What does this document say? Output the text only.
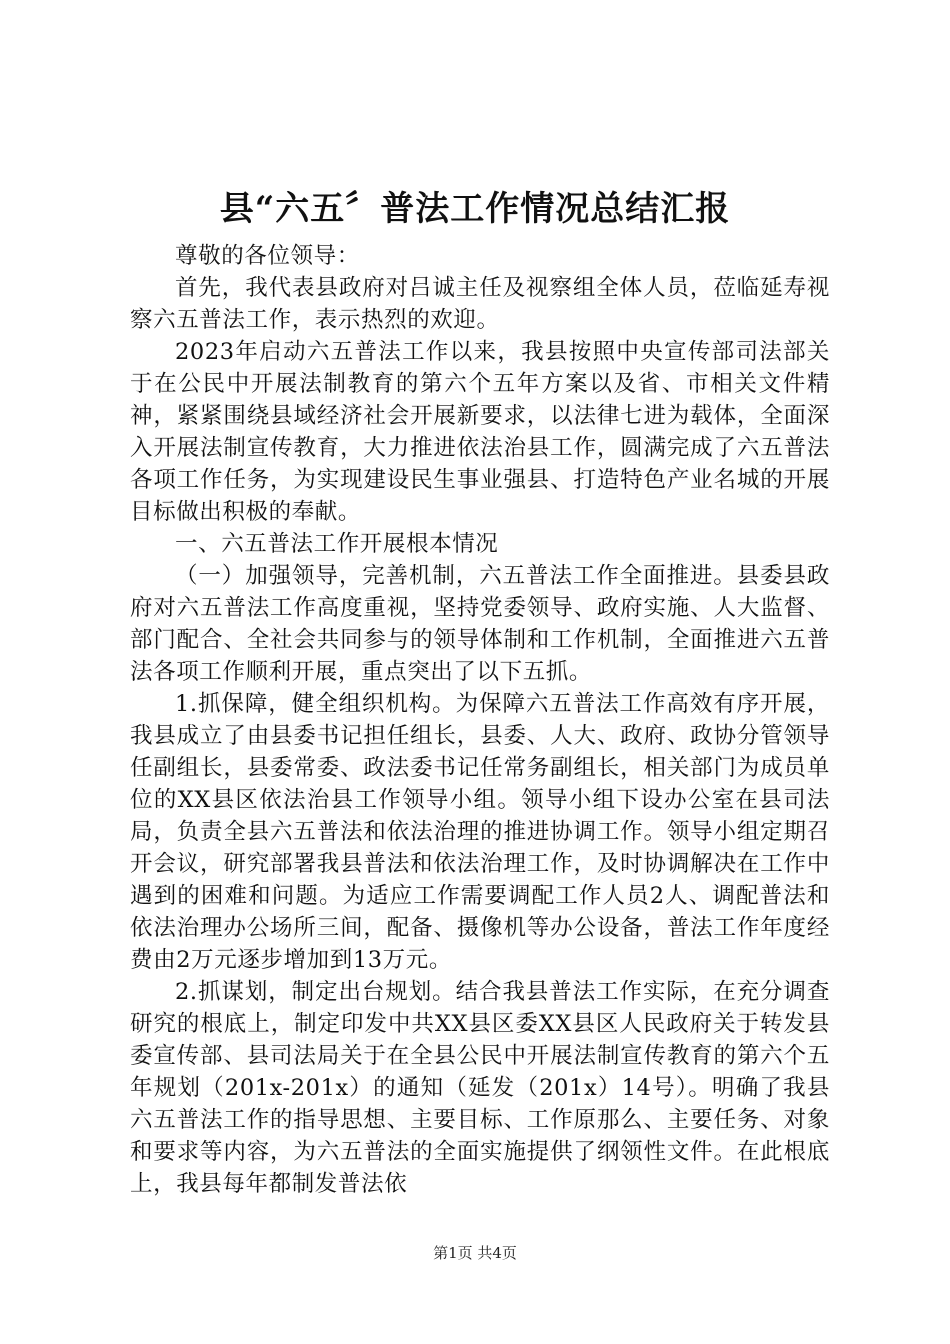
县“六五〞普法工作情况总结汇报

尊敬的各位领导：

首先，我代表县政府对吕诚主任及视察组全体人员，莅临延寿视察六五普法工作，表示热烈的欢迎。

2023年启动六五普法工作以来，我县按照中央宣传部司法部关于在公民中开展法制教育的第六个五年方案以及省、市相关文件精神，紧紧围绕县域经济社会开展新要求，以法律七进为载体，全面深入开展法制宣传教育，大力推进依法治县工作，圆满完成了六五普法各项工作任务，为实现建设民生事业强县、打造特色产业名城的开展目标做出积极的奉献。

一、六五普法工作开展根本情况

（一）加强领导，完善机制，六五普法工作全面推进。县委县政府对六五普法工作高度重视，坚持党委领导、政府实施、人大监督、部门配合、全社会共同参与的领导体制和工作机制，全面推进六五普法各项工作顺利开展，重点突出了以下五抓。

1.抓保障，健全组织机构。为保障六五普法工作高效有序开展，我县成立了由县委书记担任组长，县委、人大、政府、政协分管领导任副组长，县委常委、政法委书记任常务副组长，相关部门为成员单位的XX县区依法治县工作领导小组。领导小组下设办公室在县司法局，负责全县六五普法和依法治理的推进协调工作。领导小组定期召开会议，研究部署我县普法和依法治理工作，及时协调解决在工作中遇到的困难和问题。为适应工作需要调配工作人员2人、调配普法和依法治理办公场所三间，配备、摄像机等办公设备，普法工作年度经费由2万元逐步增加到13万元。

2.抓谋划，制定出台规划。结合我县普法工作实际，在充分调查研究的根底上，制定印发中共XX县区委XX县区人民政府关于转发县委宣传部、县司法局关于在全县公民中开展法制宣传教育的第六个五年规划（201x-201x）的通知（延发（201x）14号）。明确了我县六五普法工作的指导思想、主要目标、工作原那么、主要任务、对象和要求等内容，为六五普法的全面实施提供了纲领性文件。在此根底上，我县每年都制发普法依

第1页 共4页
